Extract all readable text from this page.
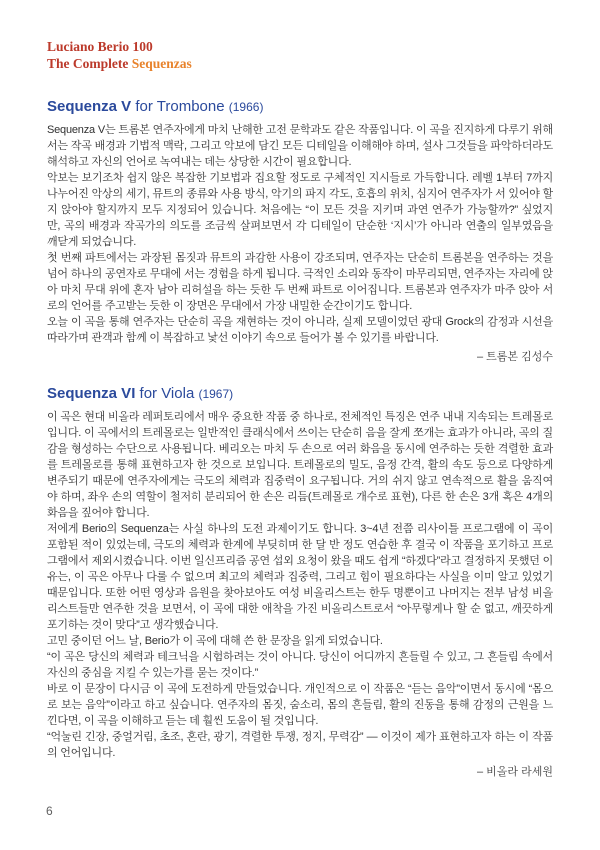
Luciano Berio 100
The Complete Sequenzas
Sequenza V for Trombone (1966)

Sequenza V는 트롬본 연주자에게 마치 난해한 고전 문학과도 같은 작품입니다. 이 곡을 진지하게 다루기 위해서는 작곡 배경과 기법적 맥락, 그리고 악보에 담긴 모든 디테일을 이해해야 하며, 설사 그것들을 파악하더라도 해석하고 자신의 언어로 녹여내는 데는 상당한 시간이 필요합니다.

악보는 보기조차 쉽지 않은 복잡한 기보법과 집요할 정도로 구체적인 지시들로 가득합니다. 레벨 1부터 7까지 나누어진 악상의 세기, 뮤트의 종류와 사용 방식, 악기의 파지 각도, 호흡의 위치, 심지어 연주자가 서 있어야 할지 앉아야 할지까지 모두 지정되어 있습니다. 처음에는 “이 모든 것을 지키며 과연 연주가 가능할까?” 싶었지만, 곡의 배경과 작곡가의 의도를 조금씩 살펴보면서 각 디테일이 단순한 ‘지시’가 아니라 연출의 일부였음을 깨닫게 되었습니다.

첫 번째 파트에서는 과장된 몸짓과 뮤트의 과감한 사용이 강조되며, 연주자는 단순히 트롬본을 연주하는 것을 넘어 하나의 공연자로 무대에 서는 경험을 하게 됩니다. 극적인 소리와 동작이 마무리되면, 연주자는 자리에 앉아 마치 무대 위에 혼자 남아 리허설을 하는 듯한 두 번째 파트로 이어집니다. 트롬본과 연주자가 마주 앉아 서로의 언어를 주고받는 듯한 이 장면은 무대에서 가장 내밀한 순간이기도 합니다.

오늘 이 곡을 통해 연주자는 단순히 곡을 재현하는 것이 아니라, 실제 모델이었던 광대 Grock의 감정과 시선을 따라가며 관객과 함께 이 복잡하고 낯선 이야기 속으로 들어가 볼 수 있기를 바랍니다.

– 트롬본 김성수
Sequenza VI for Viola (1967)

이 곡은 현대 비올라 레퍼토리에서 매우 중요한 작품 중 하나로, 전체적인 특징은 연주 내내 지속되는 트레몰로입니다. 이 곡에서의 트레몰로는 일반적인 클래식에서 쓰이는 단순히 음을 잘게 쪼개는 효과가 아니라, 곡의 질감을 형성하는 수단으로 사용됩니다. 베리오는 마치 두 손으로 여러 화음을 동시에 연주하는 듯한 격렬한 효과를 트레몰로를 통해 표현하고자 한 것으로 보입니다. 트레몰로의 밀도, 음정 간격, 활의 속도 등으로 다양하게 변주되기 때문에 연주자에게는 극도의 체력과 집중력이 요구됩니다. 거의 쉬지 않고 연속적으로 활을 움직여야 하며, 좌우 손의 역할이 철저히 분리되어 한 손은 리듬(트레몰로 개수로 표현), 다른 한 손은 3개 혹은 4개의 화음을 짚어야 합니다.

저에게 Berio의 Sequenza는 사실 하나의 도전 과제이기도 합니다. 3~4년 전쯤 리사이틀 프로그램에 이 곡이 포함된 적이 있었는데, 극도의 체력과 한계에 부딪히며 한 달 반 정도 연습한 후 결국 이 작품을 포기하고 프로그램에서 제외시켰습니다. 이번 일신프리즘 공연 섭외 요청이 왔을 때도 쉽게 “하겠다”라고 결정하지 못했던 이유는, 이 곡은 아무나 다룰 수 없으며 최고의 체력과 집중력, 그리고 힘이 필요하다는 사실을 이미 알고 있었기 때문입니다. 또한 어떤 영상과 음원을 찾아보아도 여성 비올리스트는 한두 명뿐이고 나머지는 전부 남성 비올리스트들만 연주한 것을 보면서, 이 곡에 대한 애착을 가진 비올리스트로서 “아무렇게나 할 순 없고, 깨끗하게 포기하는 것이 맞다”고 생각했습니다.

고민 중이던 어느 날, Berio가 이 곡에 대해 쓴 한 문장을 읽게 되었습니다.

“이 곡은 당신의 체력과 테크닉을 시험하려는 것이 아니다. 당신이 어디까지 흔들릴 수 있고, 그 흔들림 속에서 자신의 중심을 지킬 수 있는가를 묻는 것이다.”

바로 이 문장이 다시금 이 곡에 도전하게 만들었습니다. 개인적으로 이 작품은 “듣는 음악”이면서 동시에 “몸으로 보는 음악”이라고 하고 싶습니다. 연주자의 몸짓, 숨소리, 몸의 흔들림, 활의 진동을 통해 감정의 근원을 느낀다면, 이 곡을 이해하고 듣는 데 훨씬 도움이 될 것입니다.

“억눌린 긴장, 중얼거림, 초조, 혼란, 광기, 격렬한 투쟁, 정지, 무력감” — 이것이 제가 표현하고자 하는 이 작품의 언어입니다.

– 비올라 라세원
6
